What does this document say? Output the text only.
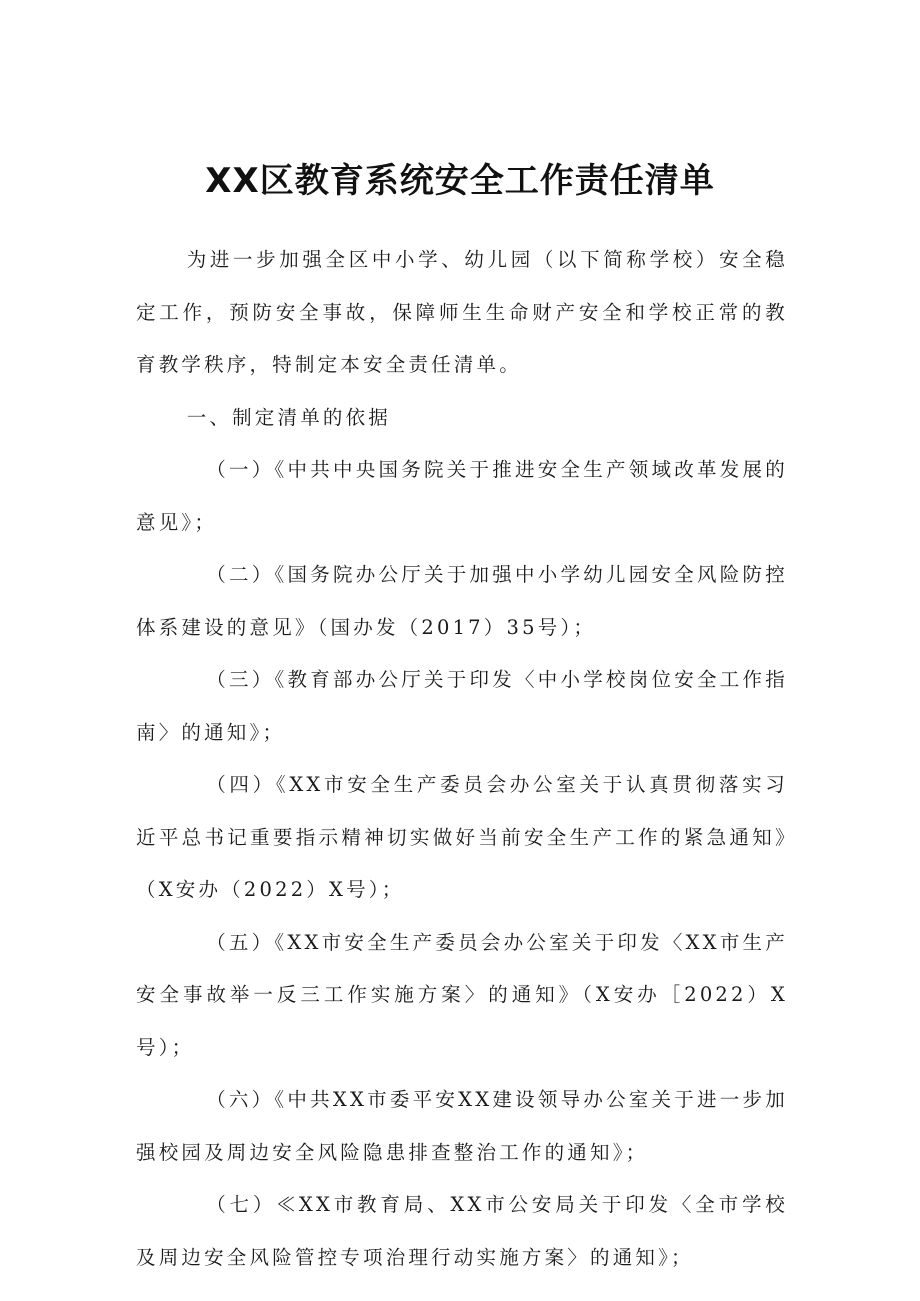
XX区教育系统安全工作责任清单

为进一步加强全区中小学、幼儿园（以下简称学校）安全稳定工作，预防安全事故，保障师生生命财产安全和学校正常的教育教学秩序，特制定本安全责任清单。

一、制定清单的依据

（一）《中共中央国务院关于推进安全生产领域改革发展的意见》；

（二）《国务院办公厅关于加强中小学幼儿园安全风险防控体系建设的意见》（国办发（2017）35号）；

（三）《教育部办公厅关于印发〈中小学校岗位安全工作指南〉的通知》；

（四）《XX市安全生产委员会办公室关于认真贯彻落实习近平总书记重要指示精神切实做好当前安全生产工作的紧急通知》（X安办（2022）X号）；

（五）《XX市安全生产委员会办公室关于印发〈XX市生产安全事故举一反三工作实施方案〉的通知》（X安办［2022）X号）；

（六）《中共XX市委平安XX建设领导办公室关于进一步加强校园及周边安全风险隐患排查整治工作的通知》；

（七）≪XX市教育局、XX市公安局关于印发〈全市学校及周边安全风险管控专项治理行动实施方案〉的通知》；
